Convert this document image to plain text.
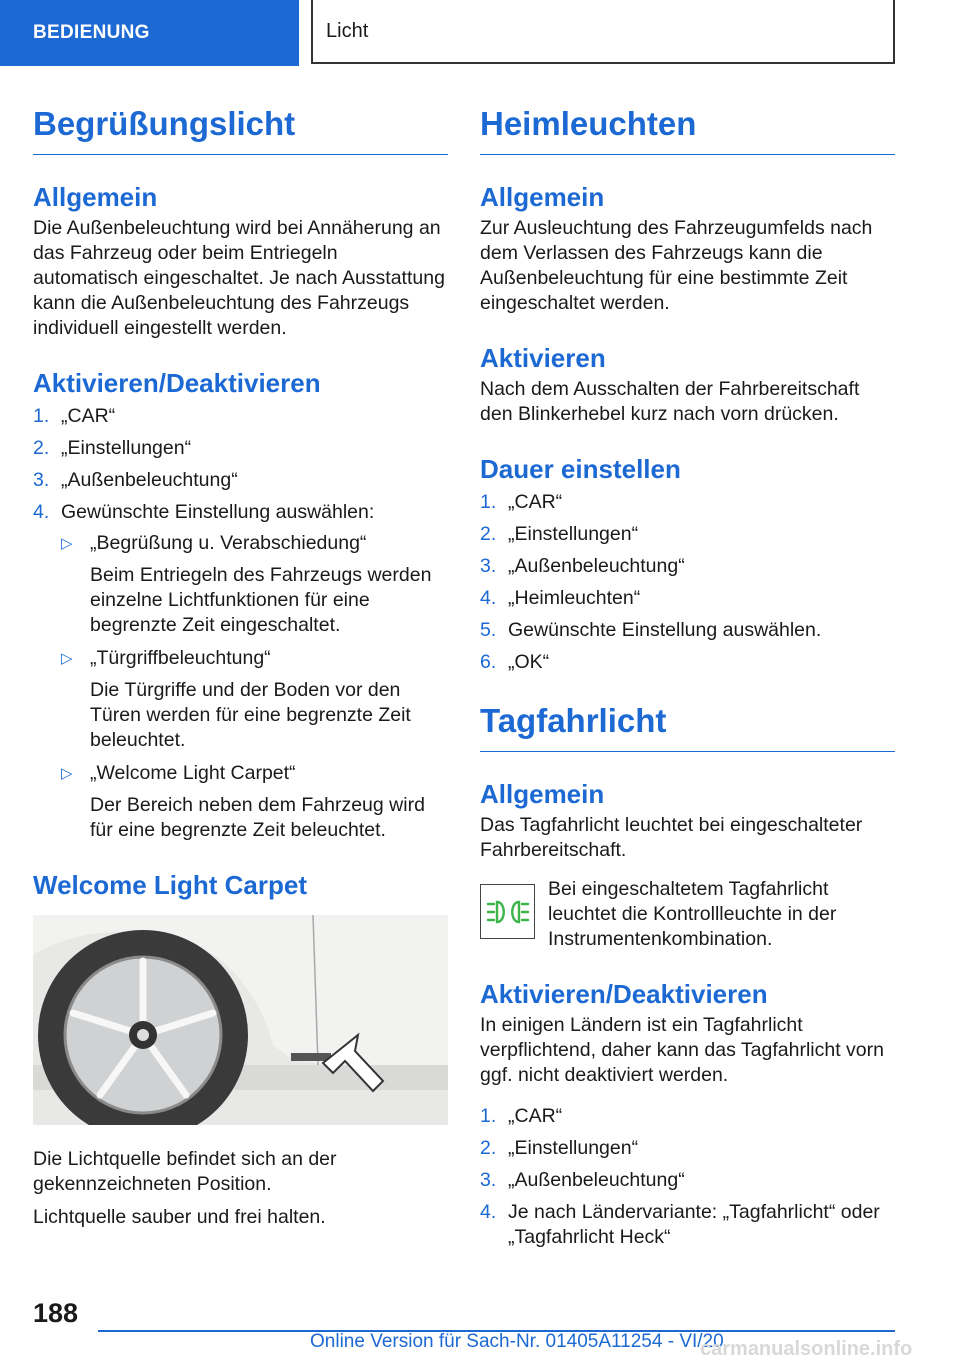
BEDIENUNG	Licht
Begrüßungslicht
Allgemein

Die Außenbeleuchtung wird bei Annäherung an das Fahrzeug oder beim Entriegeln automatisch eingeschaltet. Je nach Ausstattung kann die Außenbeleuchtung des Fahrzeugs individuell eingestellt werden.

Aktivieren/Deaktivieren
1. „CAR“
2. „Einstellungen“
3. „Außenbeleuchtung“
4. Gewünschte Einstellung auswählen:
▷ „Begrüßung u. Verabschiedung“
Beim Entriegeln des Fahrzeugs werden einzelne Lichtfunktionen für eine begrenzte Zeit eingeschaltet.
▷ „Türgriffbeleuchtung“
Die Türgriffe und der Boden vor den Türen werden für eine begrenzte Zeit beleuchtet.
▷ „Welcome Light Carpet“
Der Bereich neben dem Fahrzeug wird für eine begrenzte Zeit beleuchtet.
Welcome Light Carpet

Die Lichtquelle befindet sich an der gekennzeichneten Position.

Lichtquelle sauber und frei halten.

Heimleuchten
Allgemein

Zur Ausleuchtung des Fahrzeugumfelds nach dem Verlassen des Fahrzeugs kann die Außenbeleuchtung für eine bestimmte Zeit eingeschaltet werden.

Aktivieren

Nach dem Ausschalten der Fahrbereitschaft den Blinkerhebel kurz nach vorn drücken.

Dauer einstellen
1. „CAR“
2. „Einstellungen“
3. „Außenbeleuchtung“
4. „Heimleuchten“
5. Gewünschte Einstellung auswählen.
6. „OK“
Tagfahrlicht
Allgemein

Das Tagfahrlicht leuchtet bei eingeschalteter Fahrbereitschaft.

Bei eingeschaltetem Tagfahrlicht leuchtet die Kontrollleuchte in der Instrumentenkombination.

Aktivieren/Deaktivieren

In einigen Ländern ist ein Tagfahrlicht verpflichtend, daher kann das Tagfahrlicht vorn ggf. nicht deaktiviert werden.

1. „CAR“
2. „Einstellungen“
3. „Außenbeleuchtung“
4. Je nach Ländervariante: „Tagfahrlicht“ oder „Tagfahrlicht Heck“
188
Online Version für Sach-Nr. 01405A11254 - VI/20
carmanualsonline.info
